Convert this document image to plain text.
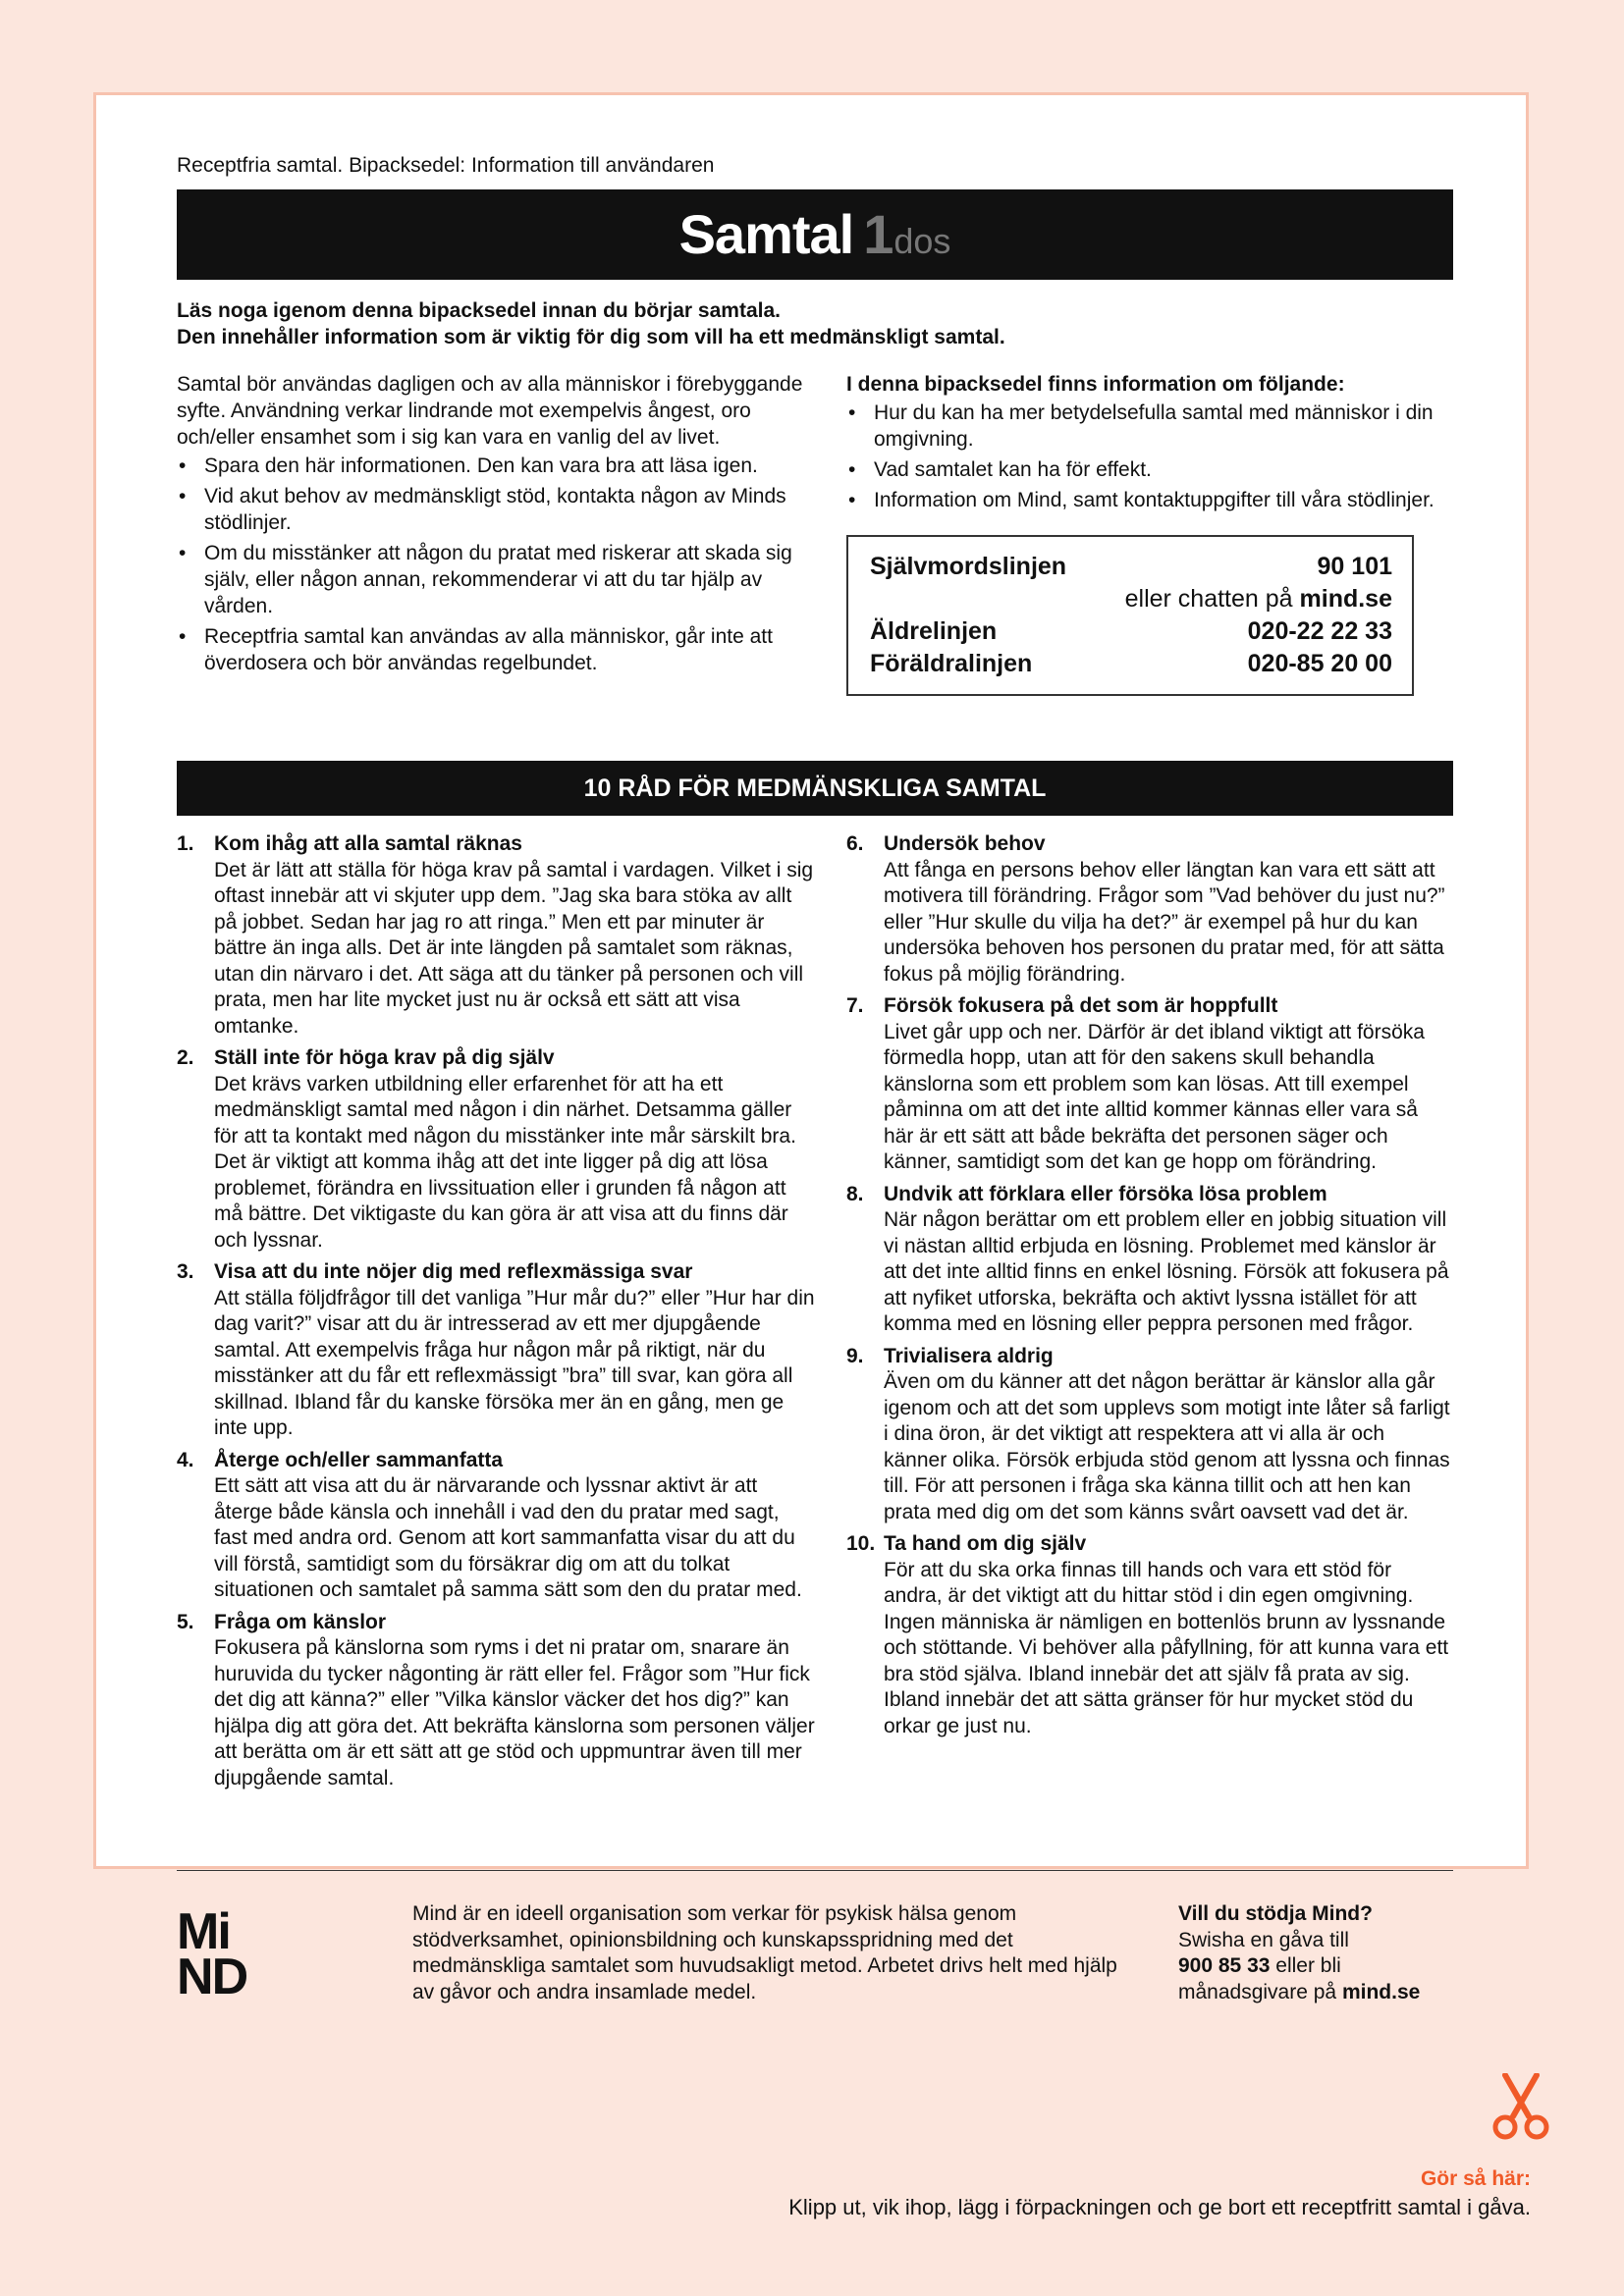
Receptfria samtal. Bipacksedel: Information till användaren
Samtal 1dos
Läs noga igenom denna bipacksedel innan du börjar samtala.
Den innehåller information som är viktig för dig som vill ha ett medmänskligt samtal.

Samtal bör användas dagligen och av alla människor i förebyggande syfte. Användning verkar lindrande mot exempelvis ångest, oro och/eller ensamhet som i sig kan vara en vanlig del av livet.

• Spara den här informationen. Den kan vara bra att läsa igen.
• Vid akut behov av medmänskligt stöd, kontakta någon av Minds stödlinjer.
• Om du misstänker att någon du pratat med riskerar att skada sig själv, eller någon annan, rekommenderar vi att du tar hjälp av vården.
• Receptfria samtal kan användas av alla människor, går inte att överdosera och bör användas regelbundet.

I denna bipacksedel finns information om följande:

• Hur du kan ha mer betydelsefulla samtal med människor i din omgivning.
• Vad samtalet kan ha för effekt.
• Information om Mind, samt kontaktuppgifter till våra stödlinjer.
Självmordslinjen	90 101
eller chatten på mind.se
Äldrelinjen	020-22 22 33
Föräldralinjen	020-85 20 00
10 RÅD FÖR MEDMÄNSKLIGA SAMTAL
1. Kom ihåg att alla samtal räknas
Det är lätt att ställa för höga krav på samtal i vardagen. Vilket i sig oftast innebär att vi skjuter upp dem. ”Jag ska bara stöka av allt på jobbet. Sedan har jag ro att ringa.” Men ett par minuter är bättre än inga alls. Det är inte längden på samtalet som räknas, utan din närvaro i det. Att säga att du tänker på personen och vill prata, men har lite mycket just nu är också ett sätt att visa omtanke.
2. Ställ inte för höga krav på dig själv
Det krävs varken utbildning eller erfarenhet för att ha ett medmänskligt samtal med någon i din närhet. Detsamma gäller för att ta kontakt med någon du misstänker inte mår särskilt bra. Det är viktigt att komma ihåg att det inte ligger på dig att lösa problemet, förändra en livssituation eller i grunden få någon att må bättre. Det viktigaste du kan göra är att visa att du finns där och lyssnar.
3. Visa att du inte nöjer dig med reflexmässiga svar
Att ställa följdfrågor till det vanliga ”Hur mår du?” eller ”Hur har din dag varit?” visar att du är intresserad av ett mer djupgående samtal. Att exempelvis fråga hur någon mår på riktigt, när du misstänker att du får ett reflexmässigt ”bra” till svar, kan göra all skillnad. Ibland får du kanske försöka mer än en gång, men ge inte upp.
4. Återge och/eller sammanfatta
Ett sätt att visa att du är närvarande och lyssnar aktivt är att återge både känsla och innehåll i vad den du pratar med sagt, fast med andra ord. Genom att kort sammanfatta visar du att du vill förstå, samtidigt som du försäkrar dig om att du tolkat situationen och samtalet på samma sätt som den du pratar med.
5. Fråga om känslor
Fokusera på känslorna som ryms i det ni pratar om, snarare än huruvida du tycker någonting är rätt eller fel. Frågor som ”Hur fick det dig att känna?” eller ”Vilka känslor väcker det hos dig?” kan hjälpa dig att göra det. Att bekräfta känslorna som personen väljer att berätta om är ett sätt att ge stöd och uppmuntrar även till mer djupgående samtal.
6. Undersök behov
Att fånga en persons behov eller längtan kan vara ett sätt att motivera till förändring. Frågor som ”Vad behöver du just nu?” eller ”Hur skulle du vilja ha det?” är exempel på hur du kan undersöka behoven hos personen du pratar med, för att sätta fokus på möjlig förändring.
7. Försök fokusera på det som är hoppfullt
Livet går upp och ner. Därför är det ibland viktigt att försöka förmedla hopp, utan att för den sakens skull behandla känslorna som ett problem som kan lösas. Att till exempel påminna om att det inte alltid kommer kännas eller vara så här är ett sätt att både bekräfta det personen säger och känner, samtidigt som det kan ge hopp om förändring.
8. Undvik att förklara eller försöka lösa problem
När någon berättar om ett problem eller en jobbig situation vill vi nästan alltid erbjuda en lösning. Problemet med känslor är att det inte alltid finns en enkel lösning. Försök att fokusera på att nyfiket utforska, bekräfta och aktivt lyssna istället för att komma med en lösning eller peppra personen med frågor.
9. Trivialisera aldrig
Även om du känner att det någon berättar är känslor alla går igenom och att det som upplevs som motigt inte låter så farligt i dina öron, är det viktigt att respektera att vi alla är och känner olika. Försök erbjuda stöd genom att lyssna och finnas till. För att personen i fråga ska känna tillit och att hen kan prata med dig om det som känns svårt oavsett vad det är.
10. Ta hand om dig själv
För att du ska orka finnas till hands och vara ett stöd för andra, är det viktigt att du hittar stöd i din egen omgivning. Ingen människa är nämligen en bottenlös brunn av lyssnande och stöttande. Vi behöver alla påfyllning, för att kunna vara ett bra stöd själva. Ibland innebär det att själv få prata av sig. Ibland innebär det att sätta gränser för hur mycket stöd du orkar ge just nu.
M i
N D
Mind är en ideell organisation som verkar för psykisk hälsa genom stödverksamhet, opinionsbildning och kunskapsspridning med det medmänskliga samtalet som huvudsakligt metod. Arbetet drivs helt med hjälp av gåvor och andra insamlade medel.
Vill du stödja Mind?
Swisha en gåva till
900 85 33 eller bli
månadsgivare på mind.se
Gör så här:
Klipp ut, vik ihop, lägg i förpackningen och ge bort ett receptfritt samtal i gåva.
